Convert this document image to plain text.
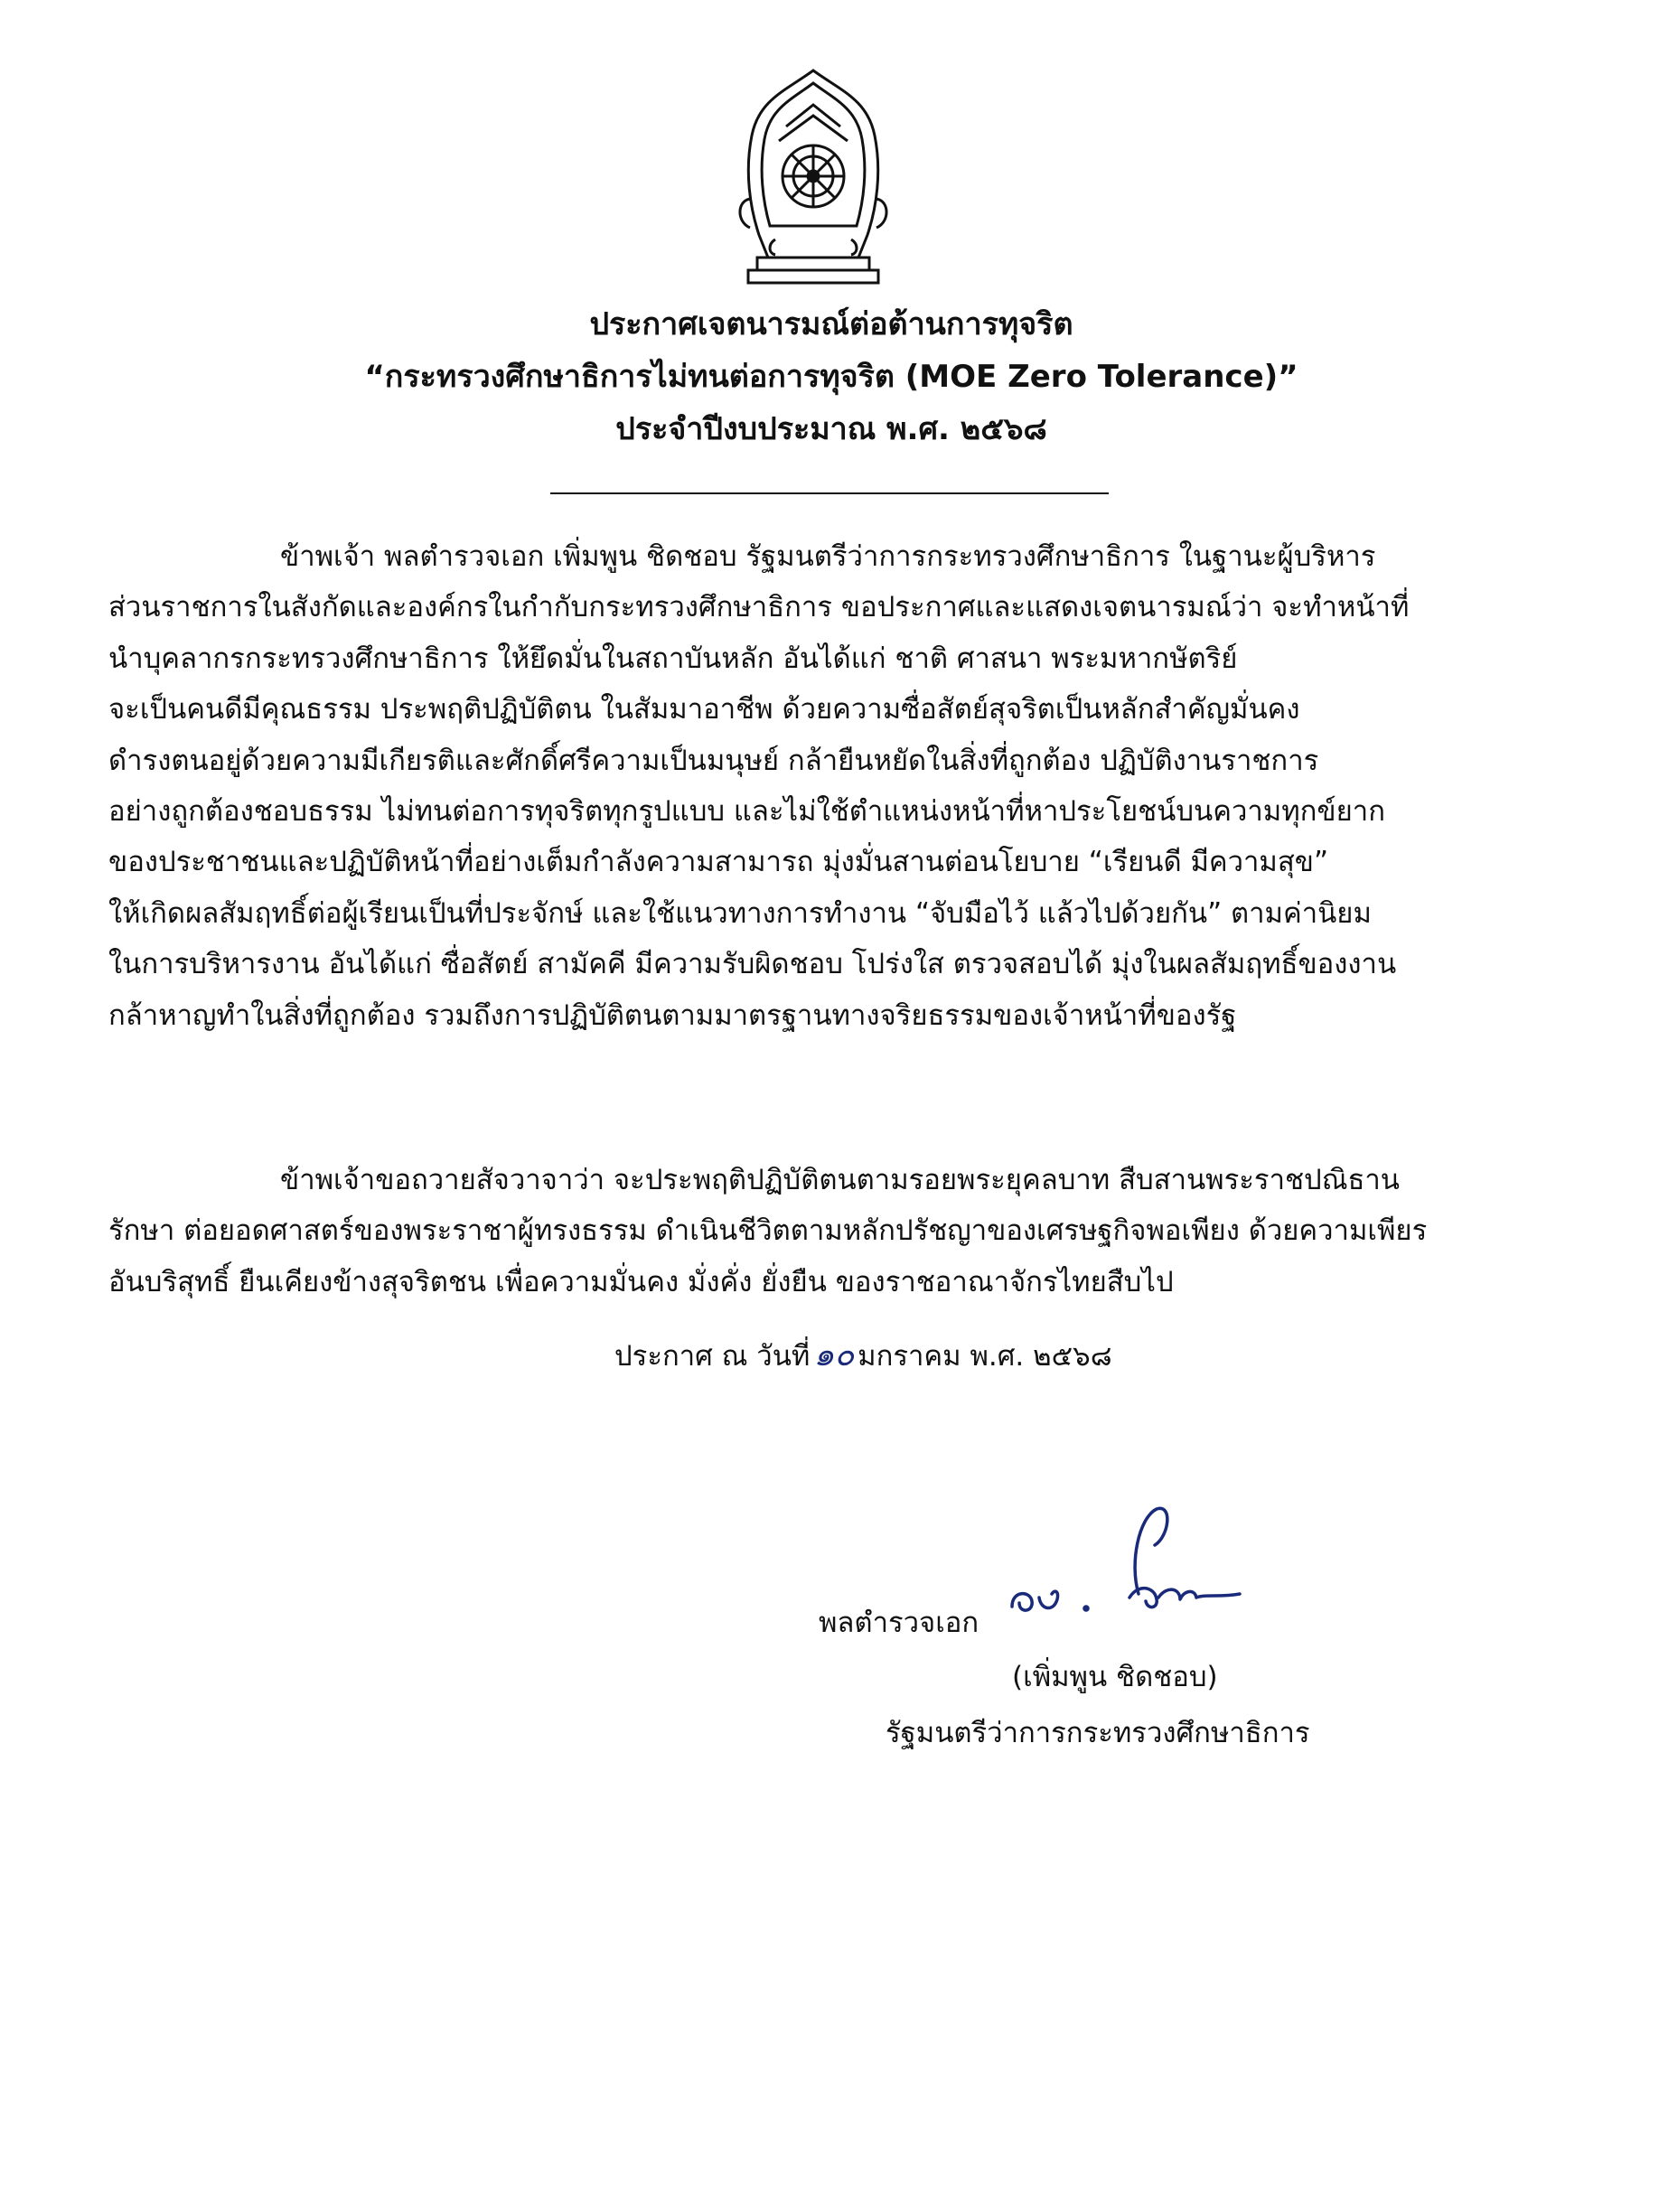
ประกาศเจตนารมณ์ต่อต้านการทุจริต
“กระทรวงศึกษาธิการไม่ทนต่อการทุจริต (MOE Zero Tolerance)”
ประจำปีงบประมาณ พ.ศ. ๒๕๖๘
ข้าพเจ้า พลตำรวจเอก เพิ่มพูน ชิดชอบ รัฐมนตรีว่าการกระทรวงศึกษาธิการ ในฐานะผู้บริหาร
ส่วนราชการในสังกัดและองค์กรในกำกับกระทรวงศึกษาธิการ ขอประกาศและแสดงเจตนารมณ์ว่า จะทำหน้าที่
นำบุคลากรกระทรวงศึกษาธิการ ให้ยึดมั่นในสถาบันหลัก อันได้แก่ ชาติ ศาสนา พระมหากษัตริย์
จะเป็นคนดีมีคุณธรรม ประพฤติปฏิบัติตน ในสัมมาอาชีพ ด้วยความซื่อสัตย์สุจริตเป็นหลักสำคัญมั่นคง
ดำรงตนอยู่ด้วยความมีเกียรติและศักดิ์ศรีความเป็นมนุษย์ กล้ายืนหยัดในสิ่งที่ถูกต้อง ปฏิบัติงานราชการ
อย่างถูกต้องชอบธรรม ไม่ทนต่อการทุจริตทุกรูปแบบ และไม่ใช้ตำแหน่งหน้าที่หาประโยชน์บนความทุกข์ยาก
ของประชาชนและปฏิบัติหน้าที่อย่างเต็มกำลังความสามารถ มุ่งมั่นสานต่อนโยบาย “เรียนดี มีความสุข”
ให้เกิดผลสัมฤทธิ์ต่อผู้เรียนเป็นที่ประจักษ์ และใช้แนวทางการทำงาน “จับมือไว้ แล้วไปด้วยกัน” ตามค่านิยม
ในการบริหารงาน อันได้แก่ ซื่อสัตย์ สามัคคี มีความรับผิดชอบ โปร่งใส ตรวจสอบได้ มุ่งในผลสัมฤทธิ์ของงาน
กล้าหาญทำในสิ่งที่ถูกต้อง รวมถึงการปฏิบัติตนตามมาตรฐานทางจริยธรรมของเจ้าหน้าที่ของรัฐ
ข้าพเจ้าขอถวายสัจวาจาว่า จะประพฤติปฏิบัติตนตามรอยพระยุคลบาท สืบสานพระราชปณิธาน
รักษา ต่อยอดศาสตร์ของพระราชาผู้ทรงธรรม ดำเนินชีวิตตามหลักปรัชญาของเศรษฐกิจพอเพียง ด้วยความเพียร
อันบริสุทธิ์ ยืนเคียงข้างสุจริตชน เพื่อความมั่นคง มั่งคั่ง ยั่งยืน ของราชอาณาจักรไทยสืบไป
ประกาศ ณ วันที่ ๑๐ มกราคม พ.ศ. ๒๕๖๘
พลตำรวจเอก
(เพิ่มพูน ชิดชอบ)
รัฐมนตรีว่าการกระทรวงศึกษาธิการ
